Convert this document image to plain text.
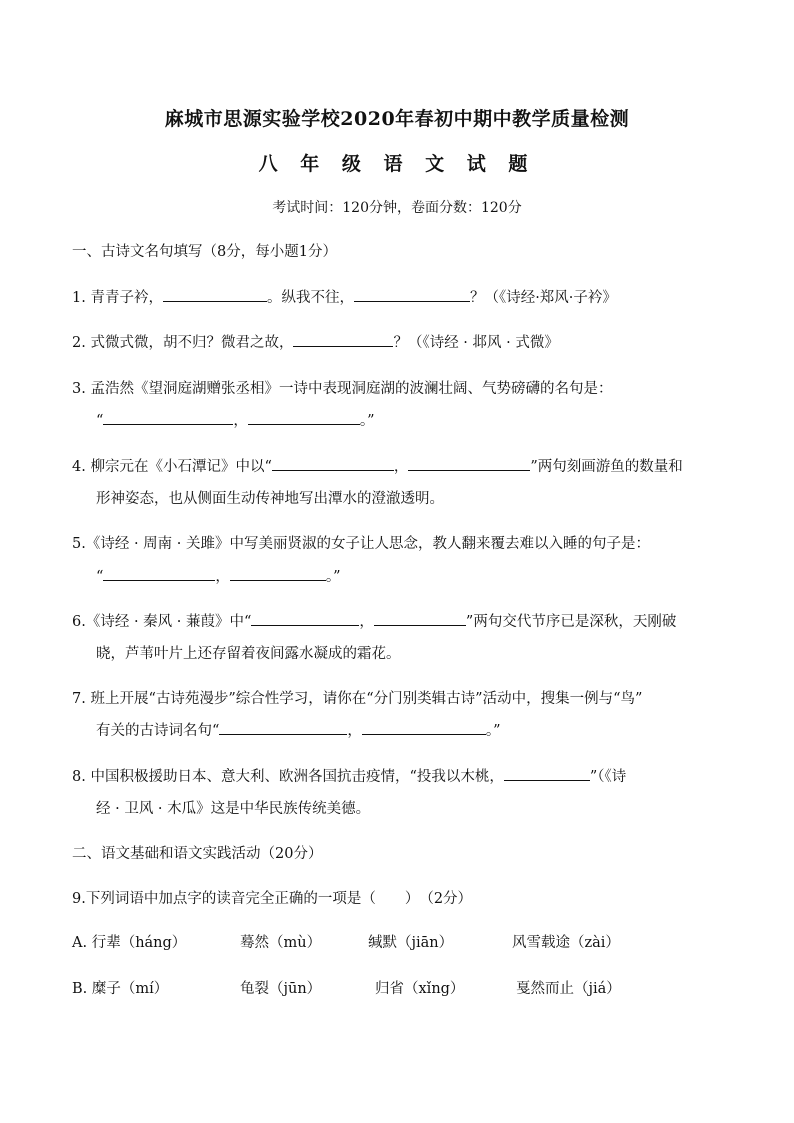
麻城市思源实验学校2020年春初中期中教学质量检测
八 年 级 语 文 试 题
考试时间：120分钟，卷面分数：120分
一、古诗文名句填写（8分，每小题1分）
1. 青青子衿，	。纵我不往，	？（《诗经·郑风·子衿》
2. 式微式微，胡不归？微君之故，	？（《诗经 · 邶风 · 式微》
3. 孟浩然《望洞庭湖赠张丞相》一诗中表现洞庭湖的波澜壮阔、气势磅礴的名句是：
“	，	。”
4. 柳宗元在《小石潭记》中以“	，	”两句刻画游鱼的数量和
形神姿态，也从侧面生动传神地写出潭水的澄澈透明。
5.《诗经 · 周南 · 关雎》中写美丽贤淑的女子让人思念，教人翻来覆去难以入睡的句子是：
“	，	。”
6.《诗经 · 秦风 · 蒹葭》中“	，	”两句交代节序已是深秋，天刚破
晓，芦苇叶片上还存留着夜间露水凝成的霜花。
7. 班上开展“古诗苑漫步”综合性学习，请你在“分门别类辑古诗”活动中，搜集一例与“鸟”
有关的古诗词名句“	，	。”
8. 中国积极援助日本、意大利、欧洲各国抗击疫情，“投我以木桃，	”（《诗
经 · 卫风 · 木瓜》这是中华民族传统美德。
二、语文基础和语文实践活动（20分）
9.下列词语中加点字的读音完全正确的一项是（　　）　（2分）
A. 行辈（háng）	蓦然（mù）	缄默（jiān）	风雪载途（zài）
B. 糜子（mí）	龟裂（jūn）	归省（xǐng）	戛然而止（jiá）
